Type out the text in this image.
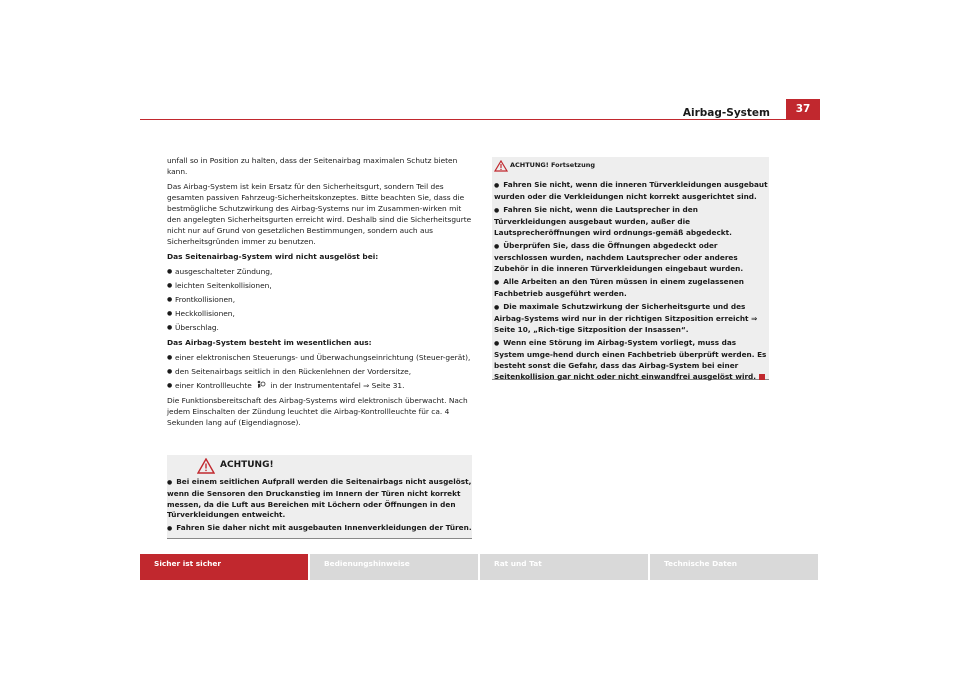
Airbag-System	37

unfall so in Position zu halten, dass der Seitenairbag maximalen Schutz bieten kann.

Das Airbag-System ist kein Ersatz für den Sicherheitsgurt, sondern Teil des gesamten passiven Fahrzeug-Sicherheitskonzeptes. Bitte beachten Sie, dass die bestmögliche Schutzwirkung des Airbag-Systems nur im Zusammen-wirken mit den angelegten Sicherheitsgurten erreicht wird. Deshalb sind die Sicherheitsgurte nicht nur auf Grund von gesetzlichen Bestimmungen, sondern auch aus Sicherheitsgründen immer zu benutzen.

Das Seitenairbag-System wird nicht ausgelöst bei:

● ausgeschalteter Zündung,
● leichten Seitenkollisionen,
● Frontkollisionen,
● Heckkollisionen,
● Überschlag.

Das Airbag-System besteht im wesentlichen aus:

● einer elektronischen Steuerungs- und Überwachungseinrichtung (Steuer-gerät),
● den Seitenairbags seitlich in den Rückenlehnen der Vordersitze,
● einer Kontrollleuchte	in der Instrumententafel ⇒ Seite 31.

Die Funktionsbereitschaft des Airbag-Systems wird elektronisch überwacht. Nach jedem Einschalten der Zündung leuchtet die Airbag-Kontrollleuchte für ca. 4 Sekunden lang auf (Eigendiagnose).

ACHTUNG!

● Bei einem seitlichen Aufprall werden die Seitenairbags nicht ausgelöst, wenn die Sensoren den Druckanstieg im Innern der Türen nicht korrekt messen, da die Luft aus Bereichen mit Löchern oder Öffnungen in den Türverkleidungen entweicht.

● Fahren Sie daher nicht mit ausgebauten Innenverkleidungen der Türen.

ACHTUNG! Fortsetzung

● Fahren Sie nicht, wenn die inneren Türverkleidungen ausgebaut wurden oder die Verkleidungen nicht korrekt ausgerichtet sind.

● Fahren Sie nicht, wenn die Lautsprecher in den Türverkleidungen ausgebaut wurden, außer die Lautsprecheröffnungen wird ordnungs-gemäß abgedeckt.

● Überprüfen Sie, dass die Öffnungen abgedeckt oder verschlossen wurden, nachdem Lautsprecher oder anderes Zubehör in die inneren Türverkleidungen eingebaut wurden.

● Alle Arbeiten an den Türen müssen in einem zugelassenen Fachbetrieb ausgeführt werden.

● Die maximale Schutzwirkung der Sicherheitsgurte und des Airbag-Systems wird nur in der richtigen Sitzposition erreicht ⇒ Seite 10, „Rich-tige Sitzposition der Insassen“.

● Wenn eine Störung im Airbag-System vorliegt, muss das System umge-hend durch einen Fachbetrieb überprüft werden. Es besteht sonst die Gefahr, dass das Airbag-System bei einer Seitenkollision gar nicht oder nicht einwandfrei ausgelöst wird.

Sicher ist sicher	Bedienungshinweise	Rat und Tat	Technische Daten
